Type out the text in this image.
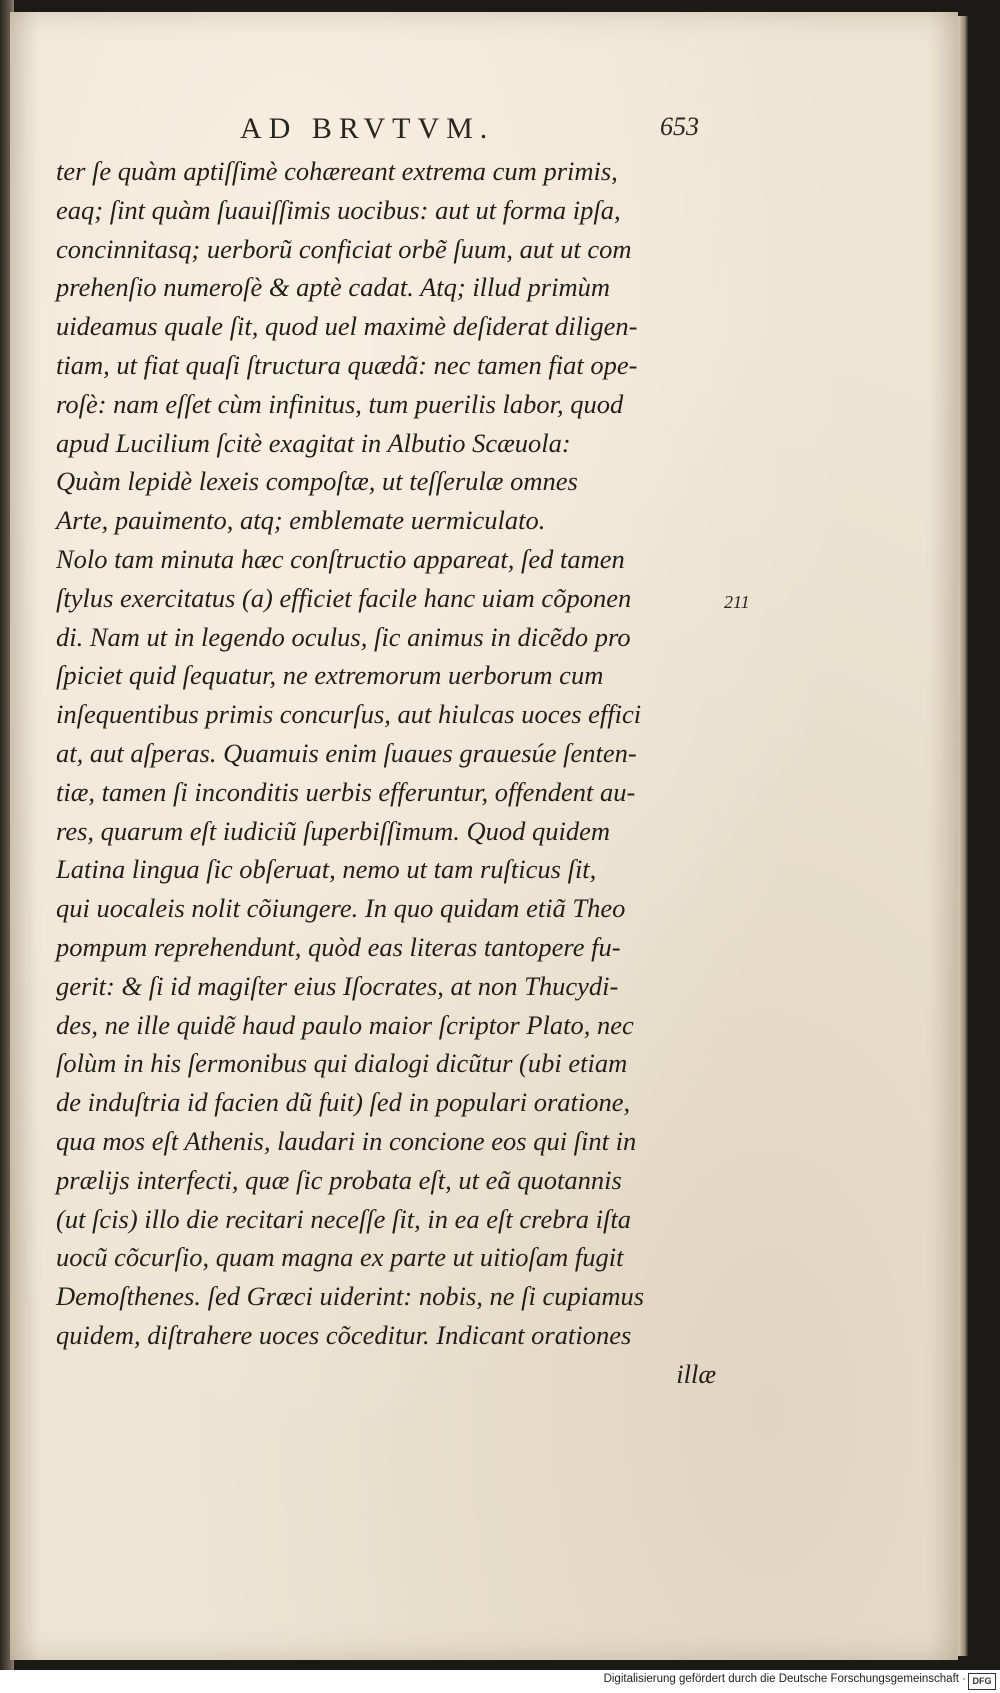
AD BRVTVM.	653
211
ter ſe quàm aptiſſimè cohæreant extrema cum primis,
eaq; ſint quàm ſuauiſſimis uocibus: aut ut forma ipſa,
concinnitasq; uerborũ conficiat orbẽ ſuum, aut ut com
prehenſio numeroſè & aptè cadat. Atq; illud primùm
uideamus quale ſit, quod uel maximè deſiderat diligen-
tiam, ut fiat quaſi ſtructura quædã: nec tamen fiat ope-
roſè: nam eſſet cùm infinitus, tum puerilis labor, quod
apud Lucilium ſcitè exagitat in Albutio Scæuola:
Quàm lepidè lexeis compoſtæ, ut teſſerulæ omnes
Arte, pauimento, atq; emblemate uermiculato.
Nolo tam minuta hæc conſtructio appareat, ſed tamen
ſtylus exercitatus (a) efficiet facile hanc uiam cõponen
di. Nam ut in legendo oculus, ſic animus in dicẽdo pro
ſpiciet quid ſequatur, ne extremorum uerborum cum
inſequentibus primis concurſus, aut hiulcas uoces effici
at, aut aſperas. Quamuis enim ſuaues grauesúe ſenten-
tiæ, tamen ſi inconditis uerbis efferuntur, offendent au-
res, quarum eſt iudiciũ ſuperbiſſimum. Quod quidem
Latina lingua ſic obſeruat, nemo ut tam ruſticus ſit,
qui uocaleis nolit cõiungere. In quo quidam etiã Theo
pompum reprehendunt, quòd eas literas tantopere fu-
gerit: & ſi id magiſter eius Iſocrates, at non Thucydi-
des, ne ille quidẽ haud paulo maior ſcriptor Plato, nec
ſolùm in his ſermonibus qui dialogi dicũtur (ubi etiam
de induſtria id facien dũ fuit) ſed in populari oratione,
qua mos eſt Athenis, laudari in concione eos qui ſint in
prælijs interfecti, quæ ſic probata eſt, ut eã quotannis
(ut ſcis) illo die recitari neceſſe ſit, in ea eſt crebra iſta
uocũ cõcurſio, quam magna ex parte ut uitioſam fugit
Demoſthenes. ſed Græci uiderint: nobis, ne ſi cupiamus
quidem, diſtrahere uoces cõceditur. Indicant orationes
illæ
Digitalisierung gefördert durch die Deutsche Forschungsgemeinschaft · DFG
